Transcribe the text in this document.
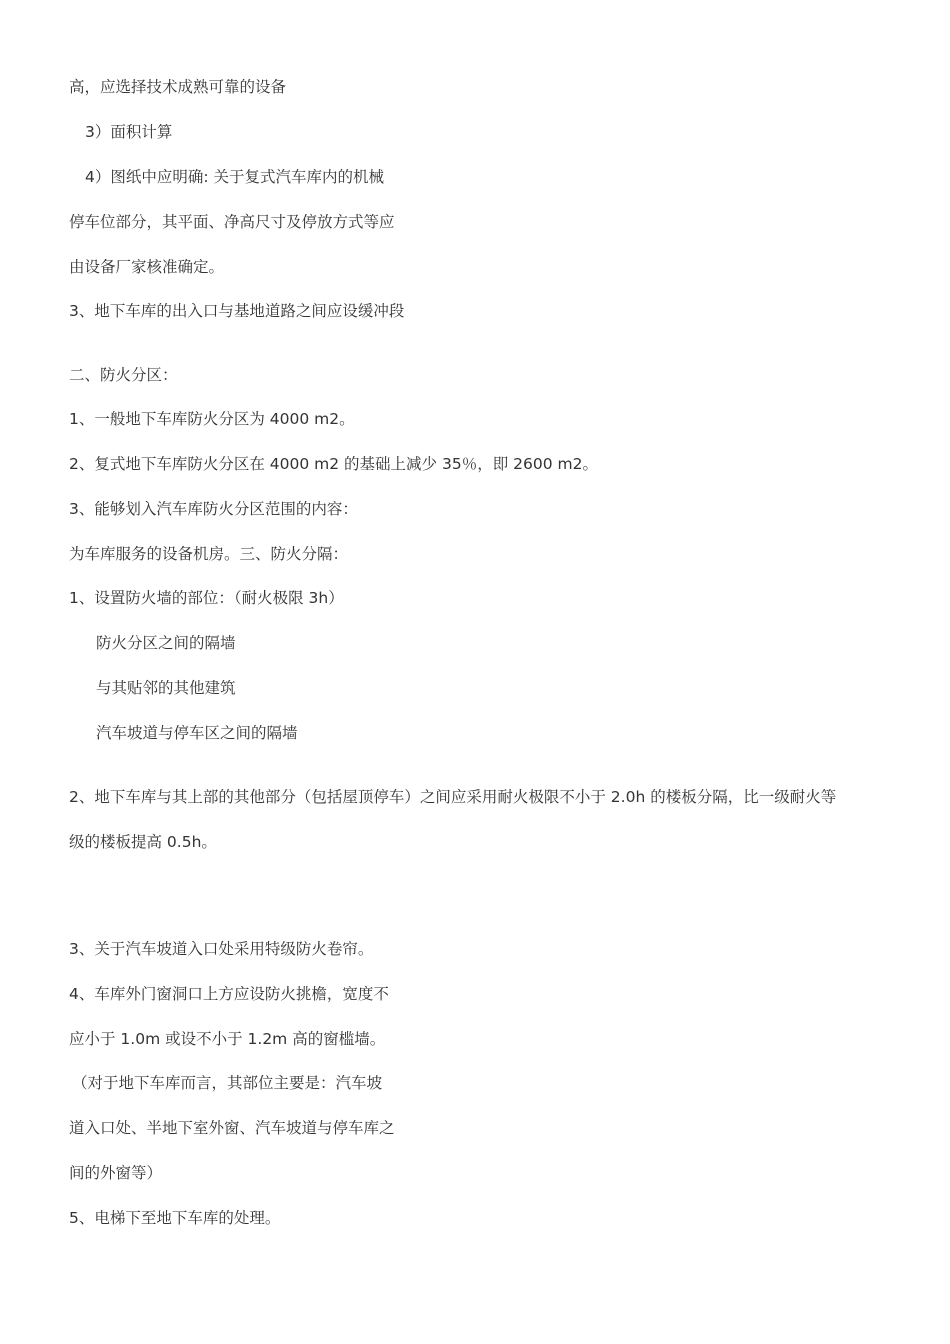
高，应选择技术成熟可靠的设备

3）面积计算

4）图纸中应明确: 关于复式汽车库内的机械

停车位部分，其平面、净高尺寸及停放方式等应

由设备厂家核准确定。

3、地下车库的出入口与基地道路之间应设缓冲段

二、防火分区：

1、一般地下车库防火分区为 4000 m2。

2、复式地下车库防火分区在 4000 m2 的基础上减少 35％，即 2600 m2。

3、能够划入汽车库防火分区范围的内容：

为车库服务的设备机房。三、防火分隔：

1、设置防火墙的部位：（耐火极限 3h）

防火分区之间的隔墙

与其贴邻的其他建筑

汽车坡道与停车区之间的隔墙

2、地下车库与其上部的其他部分（包括屋顶停车）之间应采用耐火极限不小于 2.0h 的楼板分隔，比一级耐火等

级的楼板提高 0.5h。

3、关于汽车坡道入口处采用特级防火卷帘。

4、车库外门窗洞口上方应设防火挑檐，宽度不

应小于 1.0m 或设不小于 1.2m 高的窗槛墙。

（对于地下车库而言，其部位主要是：汽车坡

道入口处、半地下室外窗、汽车坡道与停车库之

间的外窗等）

5、电梯下至地下车库的处理。
